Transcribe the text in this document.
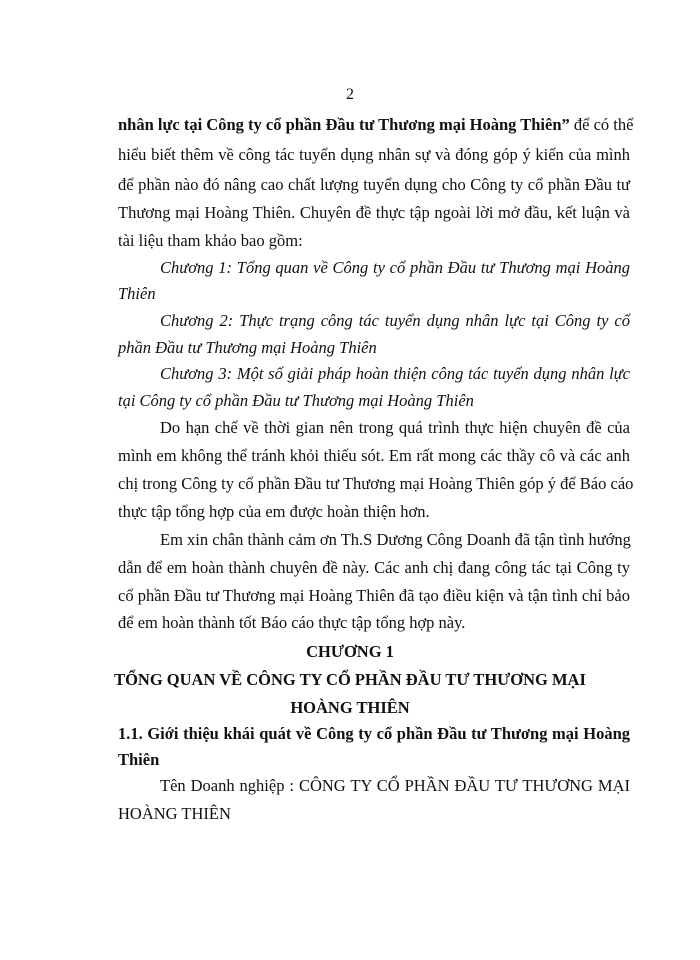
2
nhân lực tại Công ty cổ phần Đầu tư Thương mại Hoàng Thiên” để có thể
hiểu biết thêm về công tác tuyển dụng nhân sự và đóng góp ý kiến của mình
để phần nào đó nâng cao chất lượng tuyển dụng cho Công ty cổ phần Đầu tư
Thương mại Hoàng Thiên. Chuyên đề thực tập ngoài lời mở đầu, kết luận và
tài liệu tham khảo bao gồm:
Chương 1: Tổng quan về Công ty cổ phần Đầu tư Thương mại Hoàng
Thiên
Chương 2: Thực trạng công tác tuyển dụng nhân lực tại Công ty cổ
phần Đầu tư Thương mại Hoàng Thiên
Chương 3: Một số giải pháp hoàn thiện công tác tuyển dụng nhân lực
tại Công ty cổ phần Đầu tư Thương mại Hoàng Thiên
Do hạn chế về thời gian nên trong quá trình thực hiện chuyên đề của
mình em không thể tránh khỏi thiếu sót. Em rất mong các thầy cô và các anh
chị trong Công ty cổ phần Đầu tư Thương mại Hoàng Thiên góp ý để Báo cáo
thực tập tổng hợp của em được hoàn thiện hơn.
Em xin chân thành cảm ơn Th.S Dương Công Doanh đã tận tình hướng
dẫn để em hoàn thành chuyên đề này. Các anh chị đang công tác tại Công ty
cổ phần Đầu tư Thương mại Hoàng Thiên đã tạo điều kiện và tận tình chỉ bảo
để em hoàn thành tốt Báo cáo thực tập tổng hợp này.
CHƯƠNG 1
TỔNG QUAN VỀ CÔNG TY CỔ PHẦN ĐẦU TƯ THƯƠNG MẠI
HOÀNG THIÊN
1.1. Giới thiệu khái quát về Công ty cổ phần Đầu tư Thương mại Hoàng
Thiên
Tên Doanh nghiệp : CÔNG TY CỔ PHẦN ĐẦU TƯ THƯƠNG MẠI
HOÀNG THIÊN
